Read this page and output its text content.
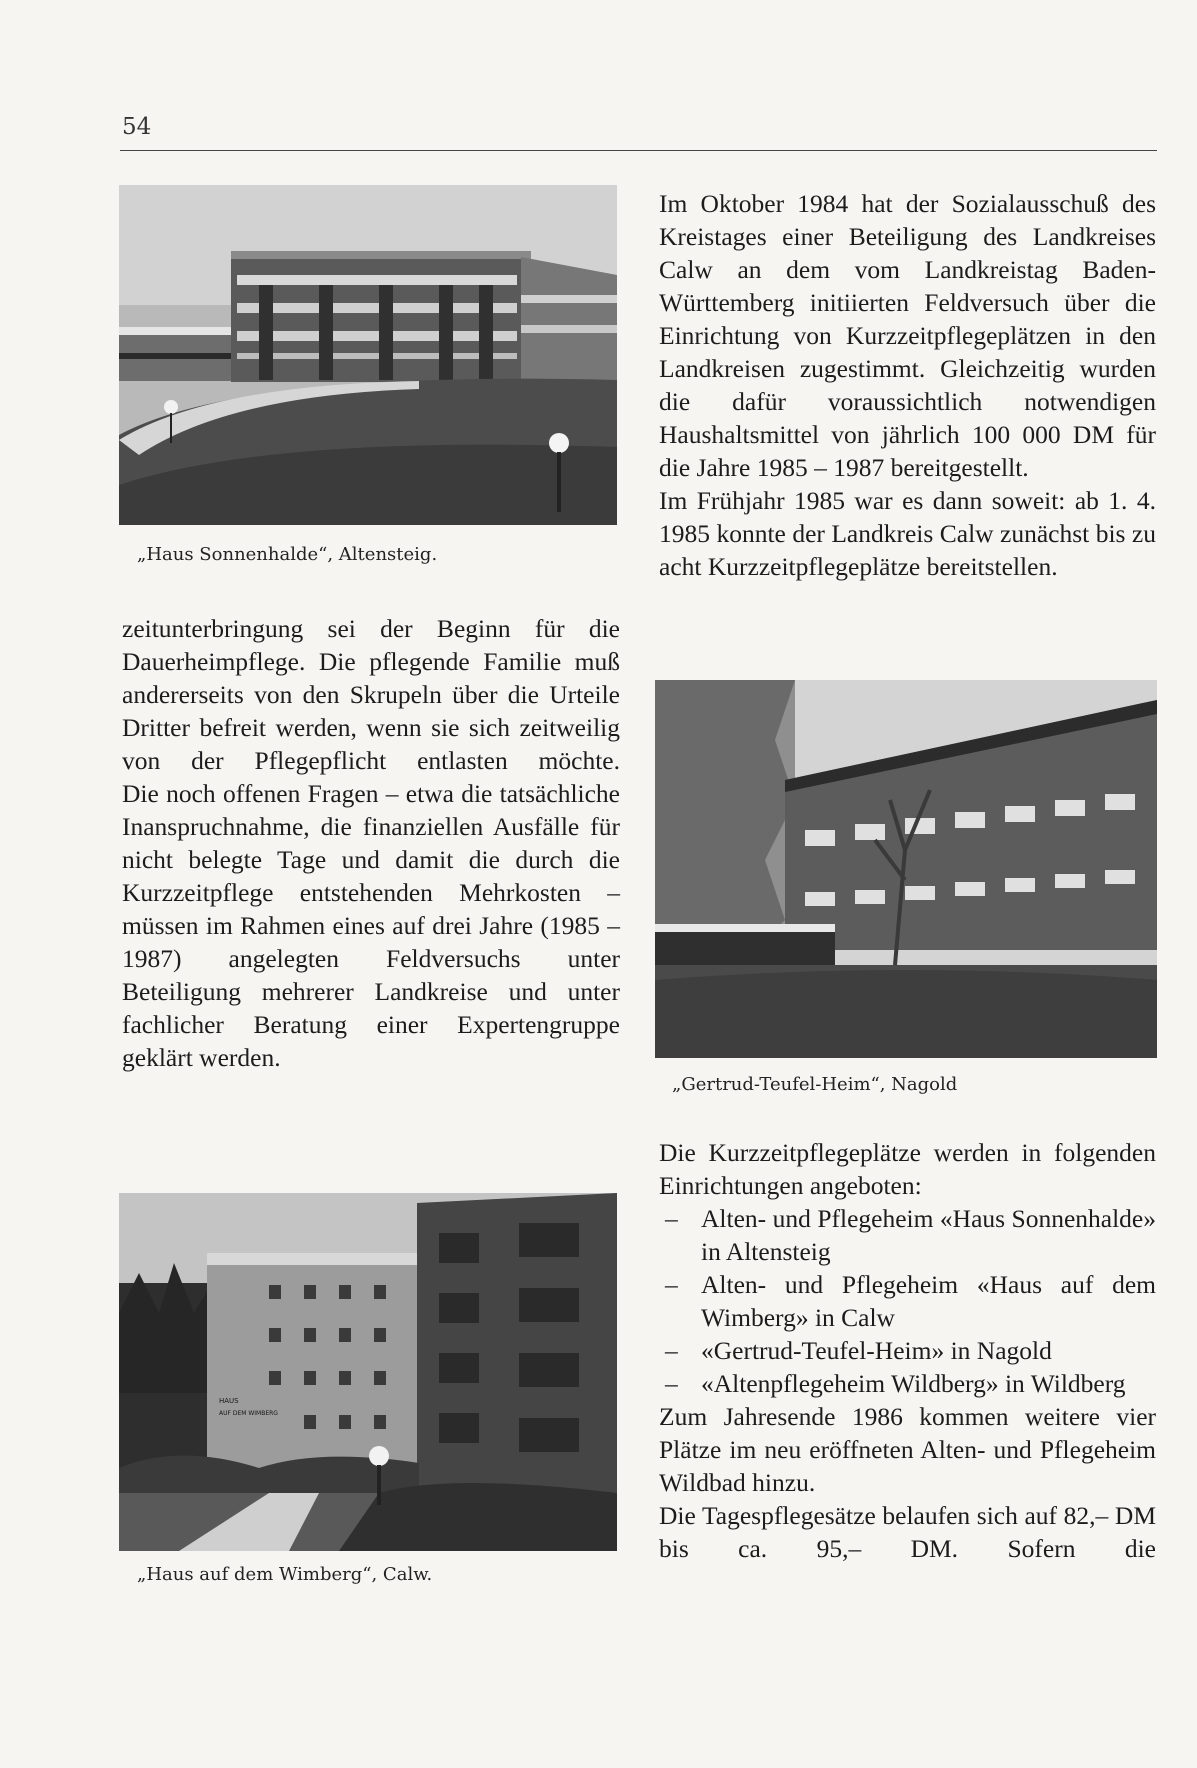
54
„Haus Sonnenhalde“, Altensteig.

zeitunterbringung sei der Beginn für die Dauerheimpflege. Die pflegende Familie muß andererseits von den Skrupeln über die Urteile Dritter befreit werden, wenn sie sich zeitweilig von der Pflegepflicht entlasten möchte.

Die noch offenen Fragen – etwa die tatsächliche Inanspruchnahme, die finanziellen Ausfälle für nicht belegte Tage und damit die durch die Kurzzeitpflege entstehenden Mehrkosten – müssen im Rahmen eines auf drei Jahre (1985 – 1987) angelegten Feldversuchs unter Beteiligung mehrerer Landkreise und unter fachlicher Beratung einer Expertengruppe geklärt werden.

HAUS
AUF DEM WIMBERG
„Haus auf dem Wimberg“, Calw.

Im Oktober 1984 hat der Sozialausschuß des Kreistages einer Beteiligung des Landkreises Calw an dem vom Landkreistag Baden-Württemberg initiierten Feldversuch über die Einrichtung von Kurzzeitpflegeplätzen in den Landkreisen zugestimmt. Gleichzeitig wurden die dafür voraussichtlich notwendigen Haushaltsmittel von jährlich 100 000 DM für die Jahre 1985 – 1987 bereitgestellt.

Im Frühjahr 1985 war es dann soweit: ab 1. 4. 1985 konnte der Landkreis Calw zunächst bis zu acht Kurzzeitpflegeplätze bereitstellen.

„Gertrud-Teufel-Heim“, Nagold

Die Kurzzeitpflegeplätze werden in folgenden Einrichtungen angeboten:

– Alten- und Pflegeheim «Haus Sonnenhalde» in Altensteig
– Alten- und Pflegeheim «Haus auf dem Wimberg» in Calw
– «Gertrud-Teufel-Heim» in Nagold
– «Altenpflegeheim Wildberg» in Wildberg

Zum Jahresende 1986 kommen weitere vier Plätze im neu eröffneten Alten- und Pflegeheim Wildbad hinzu.

Die Tagespflegesätze belaufen sich auf 82,– DM bis ca. 95,– DM. Sofern die
